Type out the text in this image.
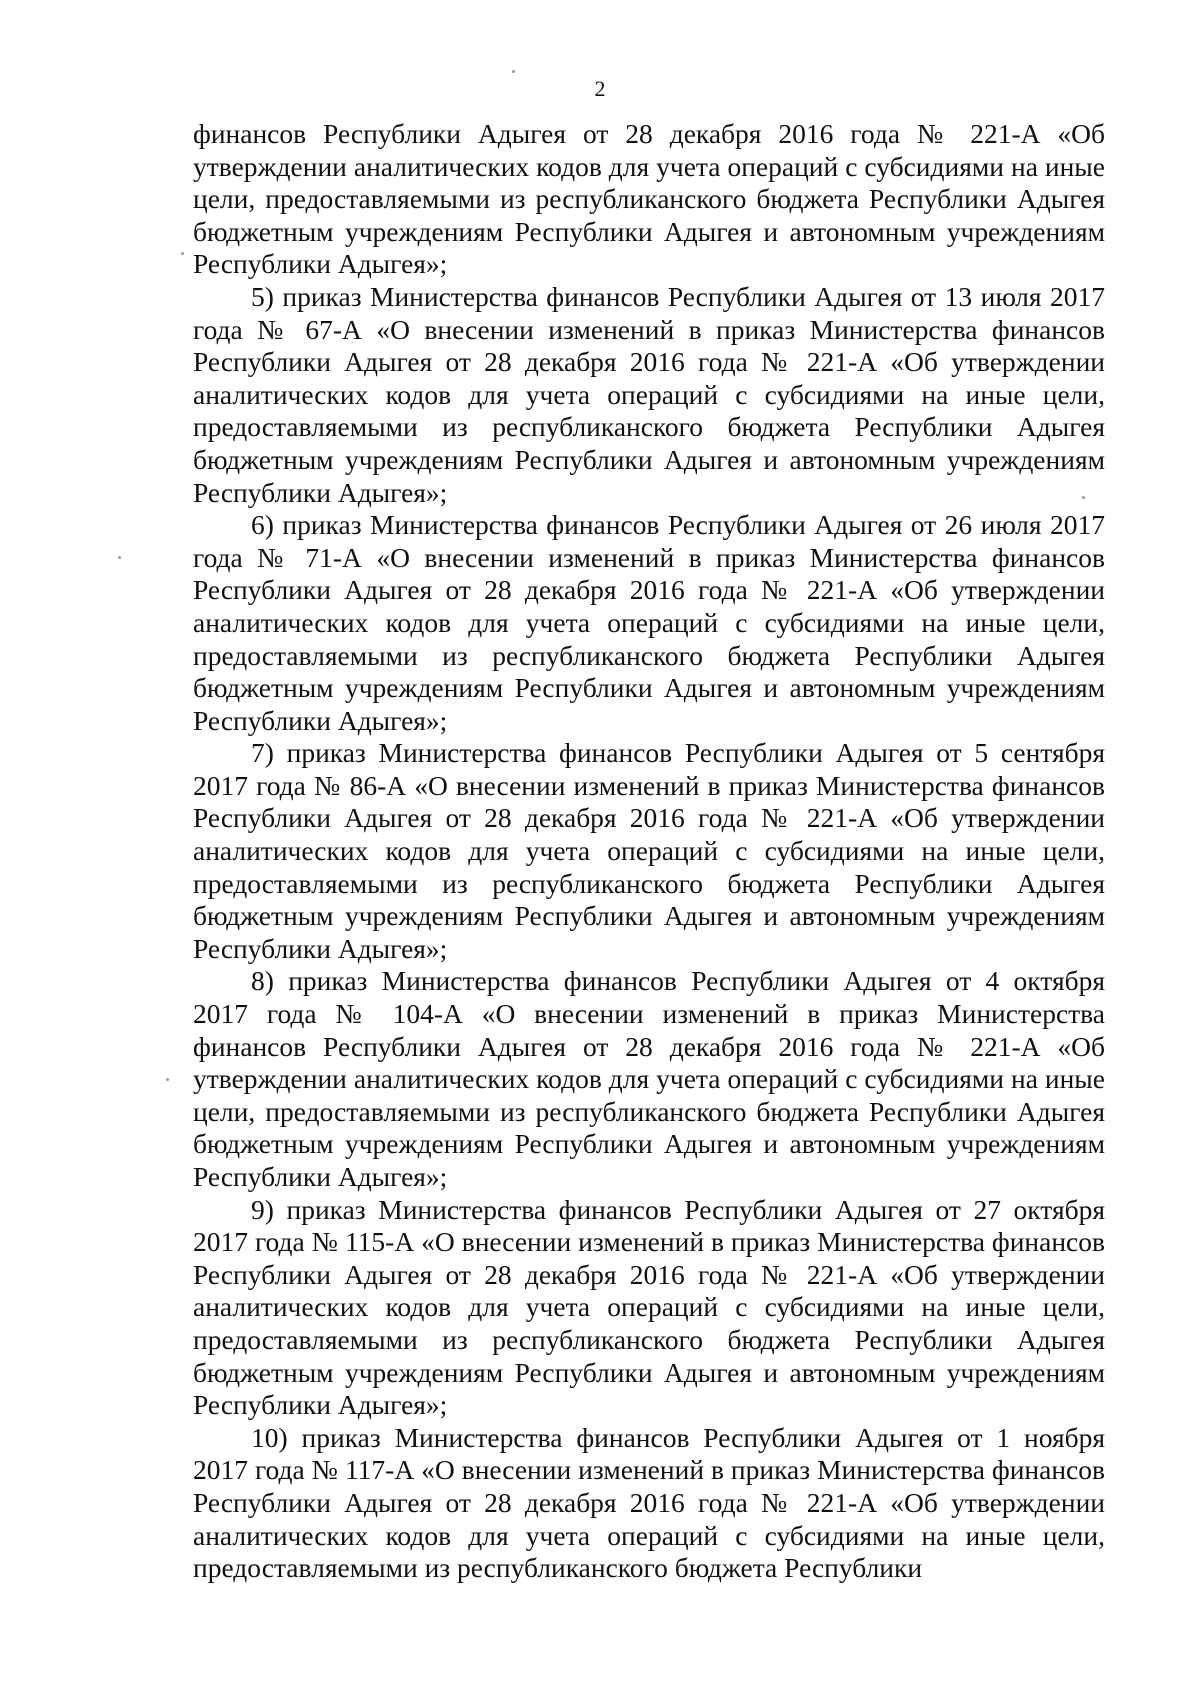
2

финансов Республики Адыгея от 28 декабря 2016 года № 221-А «Об утверждении аналитических кодов для учета операций с субсидиями на иные цели, предоставляемыми из республиканского бюджета Республики Адыгея бюджетным учреждениям Республики Адыгея и автономным учреждениям Республики Адыгея»;

5) приказ Министерства финансов Республики Адыгея от 13 июля 2017 года № 67-А «О внесении изменений в приказ Министерства финансов Республики Адыгея от 28 декабря 2016 года № 221-А «Об утверждении аналитических кодов для учета операций с субсидиями на иные цели, предоставляемыми из республиканского бюджета Республики Адыгея бюджетным учреждениям Республики Адыгея и автономным учреждениям Республики Адыгея»;

6) приказ Министерства финансов Республики Адыгея от 26 июля 2017 года № 71-А «О внесении изменений в приказ Министерства финансов Республики Адыгея от 28 декабря 2016 года № 221-А «Об утверждении аналитических кодов для учета операций с субсидиями на иные цели, предоставляемыми из республиканского бюджета Республики Адыгея бюджетным учреждениям Республики Адыгея и автономным учреждениям Республики Адыгея»;

7) приказ Министерства финансов Республики Адыгея от 5 сентября 2017 года № 86-А «О внесении изменений в приказ Министерства финансов Республики Адыгея от 28 декабря 2016 года № 221-А «Об утверждении аналитических кодов для учета операций с субсидиями на иные цели, предоставляемыми из республиканского бюджета Республики Адыгея бюджетным учреждениям Республики Адыгея и автономным учреждениям Республики Адыгея»;

8) приказ Министерства финансов Республики Адыгея от 4 октября 2017 года № 104-А «О внесении изменений в приказ Министерства финансов Республики Адыгея от 28 декабря 2016 года № 221-А «Об утверждении аналитических кодов для учета операций с субсидиями на иные цели, предоставляемыми из республиканского бюджета Республики Адыгея бюджетным учреждениям Республики Адыгея и автономным учреждениям Республики Адыгея»;

9) приказ Министерства финансов Республики Адыгея от 27 октября 2017 года № 115-А «О внесении изменений в приказ Министерства финансов Республики Адыгея от 28 декабря 2016 года № 221-А «Об утверждении аналитических кодов для учета операций с субсидиями на иные цели, предоставляемыми из республиканского бюджета Республики Адыгея бюджетным учреждениям Республики Адыгея и автономным учреждениям Республики Адыгея»;

10) приказ Министерства финансов Республики Адыгея от 1 ноября 2017 года № 117-А «О внесении изменений в приказ Министерства финансов Республики Адыгея от 28 декабря 2016 года № 221-А «Об утверждении аналитических кодов для учета операций с субсидиями на иные цели, предоставляемыми из республиканского бюджета Республики
